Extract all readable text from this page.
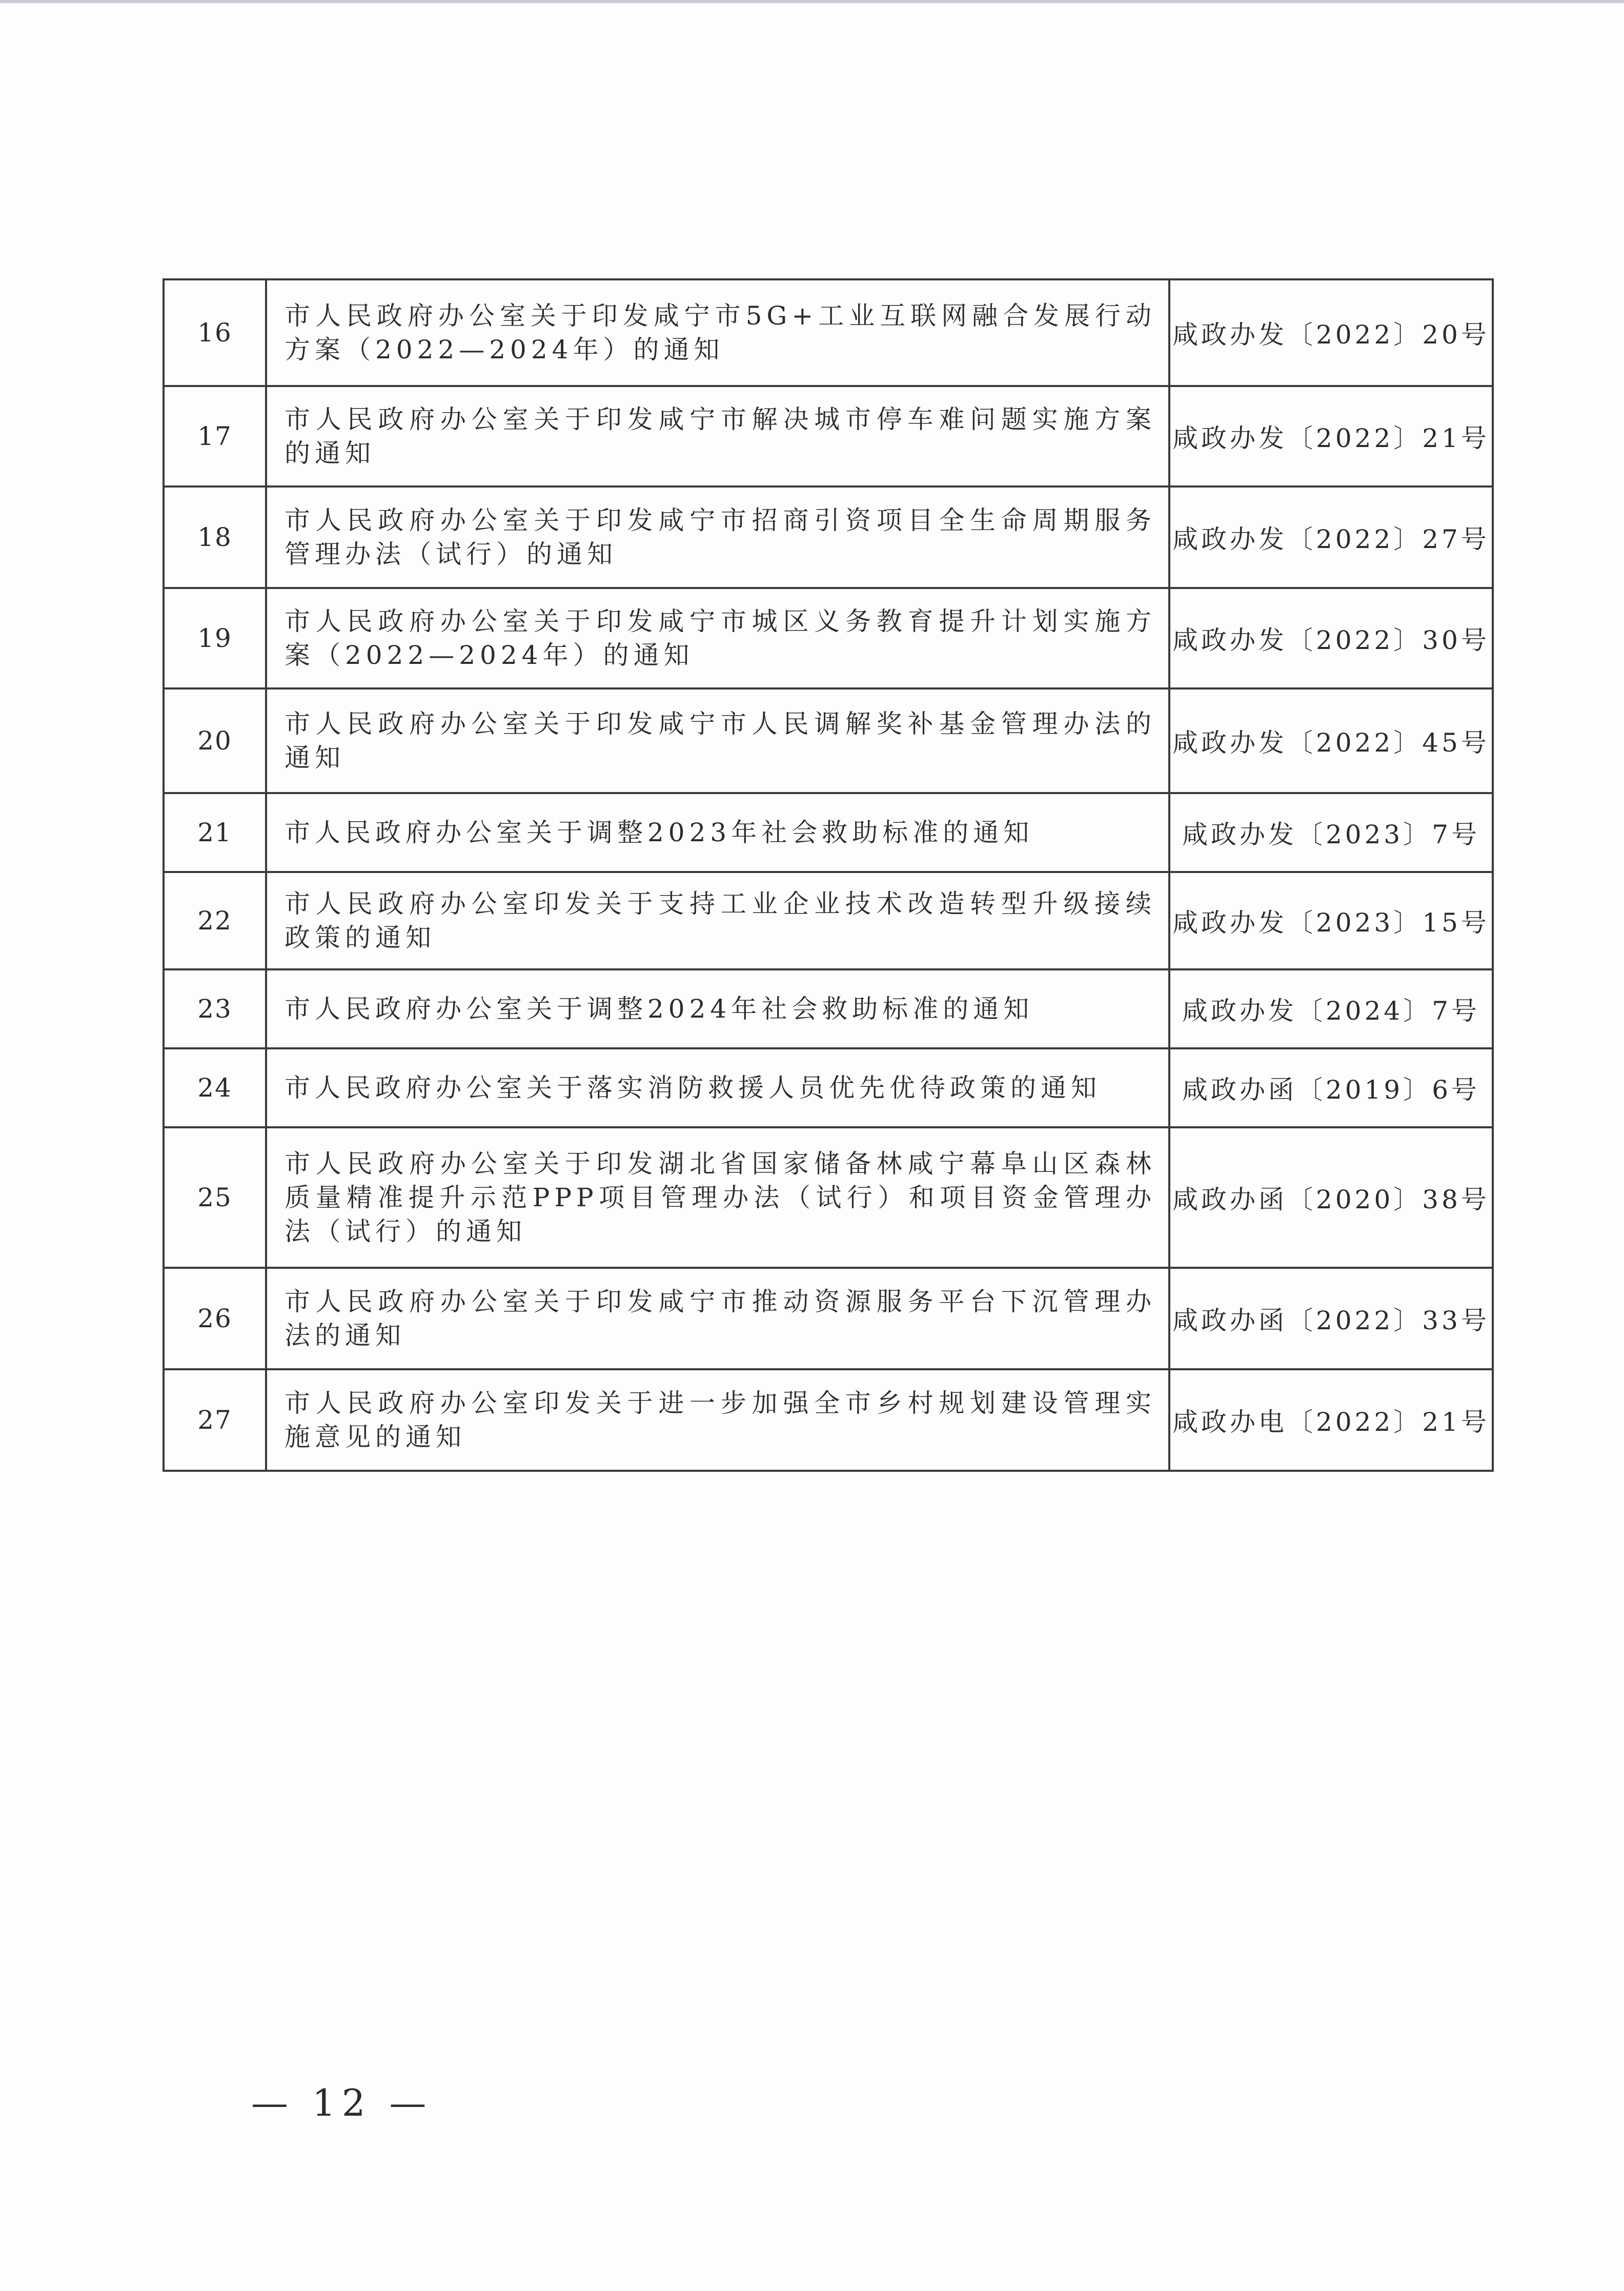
16	市人民政府办公室关于印发咸宁市5G+工业互联网融合发展行动方案（2022—2024年）的通知	咸政办发〔2022〕20号
17	市人民政府办公室关于印发咸宁市解决城市停车难问题实施方案的通知	咸政办发〔2022〕21号
18	市人民政府办公室关于印发咸宁市招商引资项目全生命周期服务管理办法（试行）的通知	咸政办发〔2022〕27号
19	市人民政府办公室关于印发咸宁市城区义务教育提升计划实施方案（2022—2024年）的通知	咸政办发〔2022〕30号
20	市人民政府办公室关于印发咸宁市人民调解奖补基金管理办法的通知	咸政办发〔2022〕45号
21	市人民政府办公室关于调整2023年社会救助标准的通知	咸政办发〔2023〕7号
22	市人民政府办公室印发关于支持工业企业技术改造转型升级接续政策的通知	咸政办发〔2023〕15号
23	市人民政府办公室关于调整2024年社会救助标准的通知	咸政办发〔2024〕7号
24	市人民政府办公室关于落实消防救援人员优先优待政策的通知	咸政办函〔2019〕6号
25	市人民政府办公室关于印发湖北省国家储备林咸宁幕阜山区森林质量精准提升示范PPP项目管理办法（试行）和项目资金管理办法（试行）的通知	咸政办函〔2020〕38号
26	市人民政府办公室关于印发咸宁市推动资源服务平台下沉管理办法的通知	咸政办函〔2022〕33号
27	市人民政府办公室印发关于进一步加强全市乡村规划建设管理实施意见的通知	咸政办电〔2022〕21号
— 12 —
